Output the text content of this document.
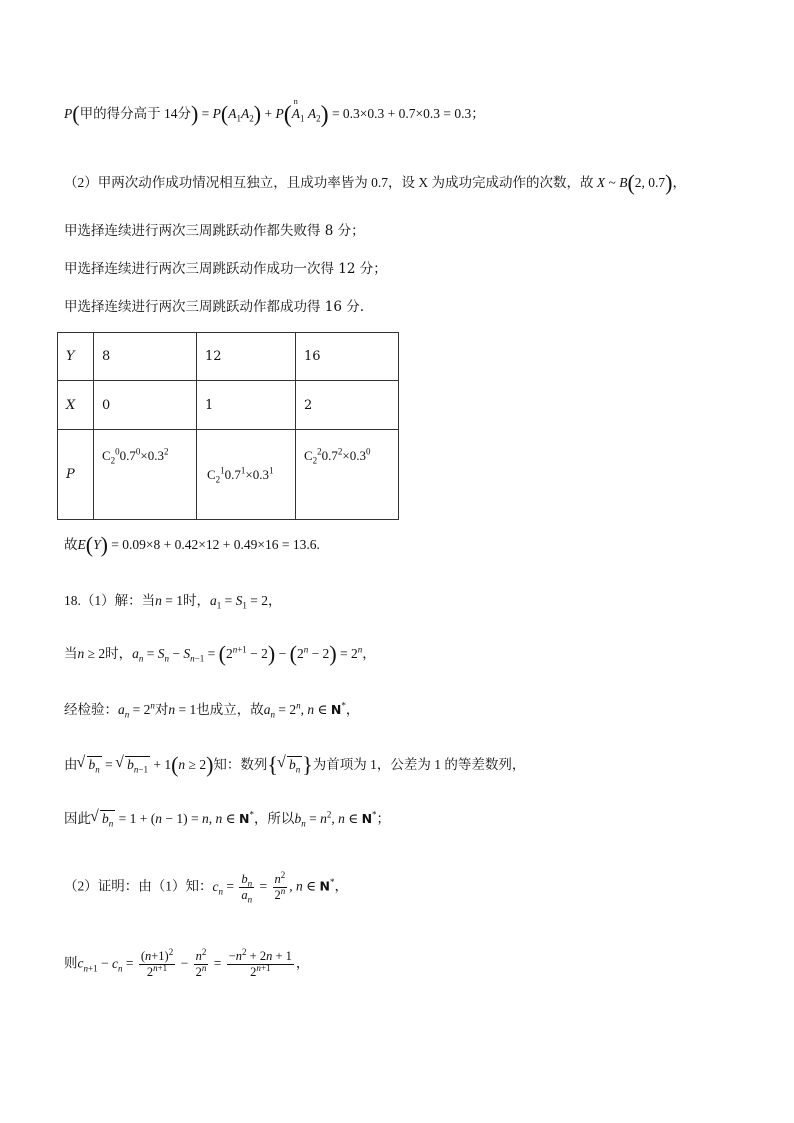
P(甲的得分高于 14分) = $P(A_1A_2) + P(A$
n
$_1$ $A_2) = 0.3\times 0.3 + 0.7\times 0.3 = 0.3$；
（2）甲两次动作成功情况相互独立，且成功率皆为 0.7，设 X 为成功完成动作的次数，故 X ~ B(2, 0.7)，
甲选择连续进行两次三周跳跃动作都失败得 8 分；
甲选择连续进行两次三周跳跃动作成功一次得 12 分；
甲选择连续进行两次三周跳跃动作都成功得 16 分.
Y	8	12	16
X	0	1	2
P	$C_2^00.7^0\times 0.3^2$	$C_2^10.7^1\times 0.3^1$	$C_2^20.7^2\times 0.3^0$
故E(Y) = 0.09×8 + 0.42×12 + 0.49×16 = 13.6.
18.（1）解：当n = 1时，$a_1 = S_1 = 2$，
当n ≥ 2时，$a_n = S_n - S_{n-1} = (2^{n+1} - 2) - (2^n - 2) = 2^n$，
经检验：$a_n = 2^n$对n = 1也成立，故$a_n = 2^n$, n ∈ N*，
由 √ $b_n$ = √ $b_{n-1} + 1(n \ge 2)$知：数列{ √ $b_n$}为首项为 1，公差为 1 的等差数列，
因此 √ $b_n = 1 + (n - 1) = n$, n ∈ N*，所以$b_n = n^2$, n ∈ N*；
（2）证明：由（1）知：$c_n = \frac{b_n}{a_n} = \frac{n^2}{2^n}$ , n ∈ N*，
则$c_{n+1} - c_n = \frac{(n+1)^2}{2^{n+1}} - \frac{n^2}{2^n} = \frac{-n^2 + 2n + 1}{2^{n+1}}$ ，
